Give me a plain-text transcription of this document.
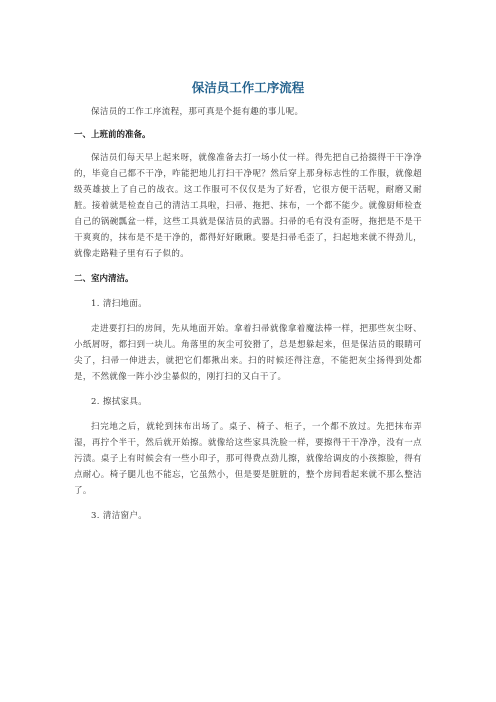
保洁员工作工序流程

保洁员的工作工序流程，那可真是个挺有趣的事儿呢。

一、上班前的准备。

保洁员们每天早上起来呀，就像准备去打一场小仗一样。得先把自己拾掇得干干净净的，毕竟自己都不干净，咋能把地儿打扫干净呢？然后穿上那身标志性的工作服，就像超级英雄披上了自己的战衣。这工作服可不仅仅是为了好看，它很方便干活呢，耐磨又耐脏。接着就是检查自己的清洁工具啦，扫帚、拖把、抹布，一个都不能少。就像厨师检查自己的锅碗瓢盆一样，这些工具就是保洁员的武器。扫帚的毛有没有歪呀，拖把是不是干干爽爽的，抹布是不是干净的，都得好好瞅瞅。要是扫帚毛歪了，扫起地来就不得劲儿，就像走路鞋子里有石子似的。

二、室内清洁。

1. 清扫地面。

走进要打扫的房间，先从地面开始。拿着扫帚就像拿着魔法棒一样，把那些灰尘呀、小纸屑呀，都扫到一块儿。角落里的灰尘可狡猾了，总是想躲起来，但是保洁员的眼睛可尖了，扫帚一伸进去，就把它们都揪出来。扫的时候还得注意，不能把灰尘扬得到处都是，不然就像一阵小沙尘暴似的，刚打扫的又白干了。

2. 擦拭家具。

扫完地之后，就轮到抹布出场了。桌子、椅子、柜子，一个都不放过。先把抹布弄湿，再拧个半干，然后就开始擦。就像给这些家具洗脸一样，要擦得干干净净，没有一点污渍。桌子上有时候会有一些小印子，那可得费点劲儿擦，就像给调皮的小孩擦脸，得有点耐心。椅子腿儿也不能忘，它虽然小，但是要是脏脏的，整个房间看起来就不那么整洁了。

3. 清洁窗户。
